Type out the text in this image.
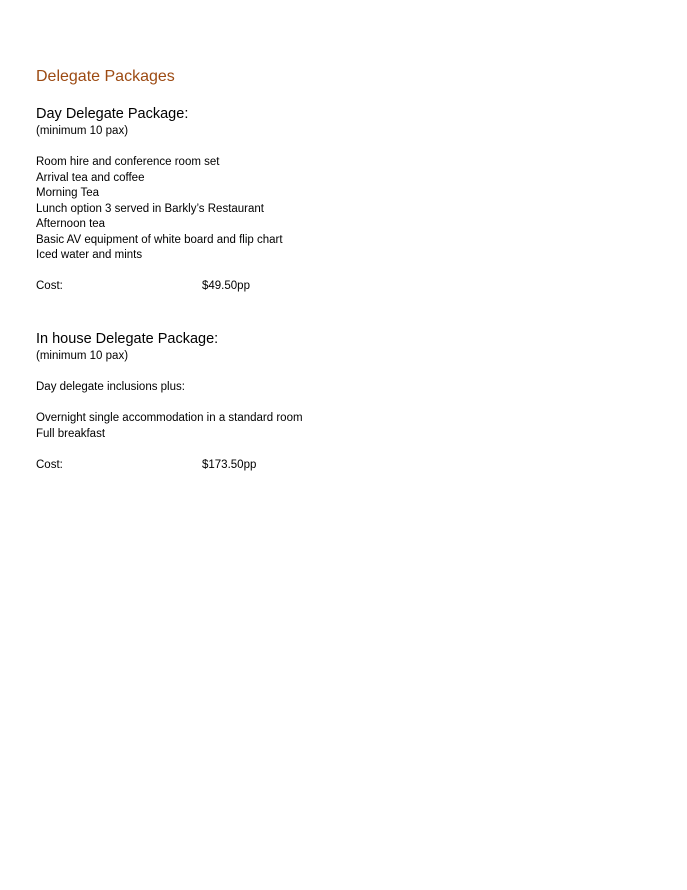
Delegate Packages

Day Delegate Package:

(minimum 10 pax)

Room hire and conference room set
Arrival tea and coffee
Morning Tea
Lunch option 3 served in Barkly’s Restaurant
Afternoon tea
Basic AV equipment of white board and flip chart
Iced water and mints
Cost:	$49.50pp

In house Delegate Package:

(minimum 10 pax)

Day delegate inclusions plus:

Overnight single accommodation in a standard room
Full breakfast
Cost:	$173.50pp
